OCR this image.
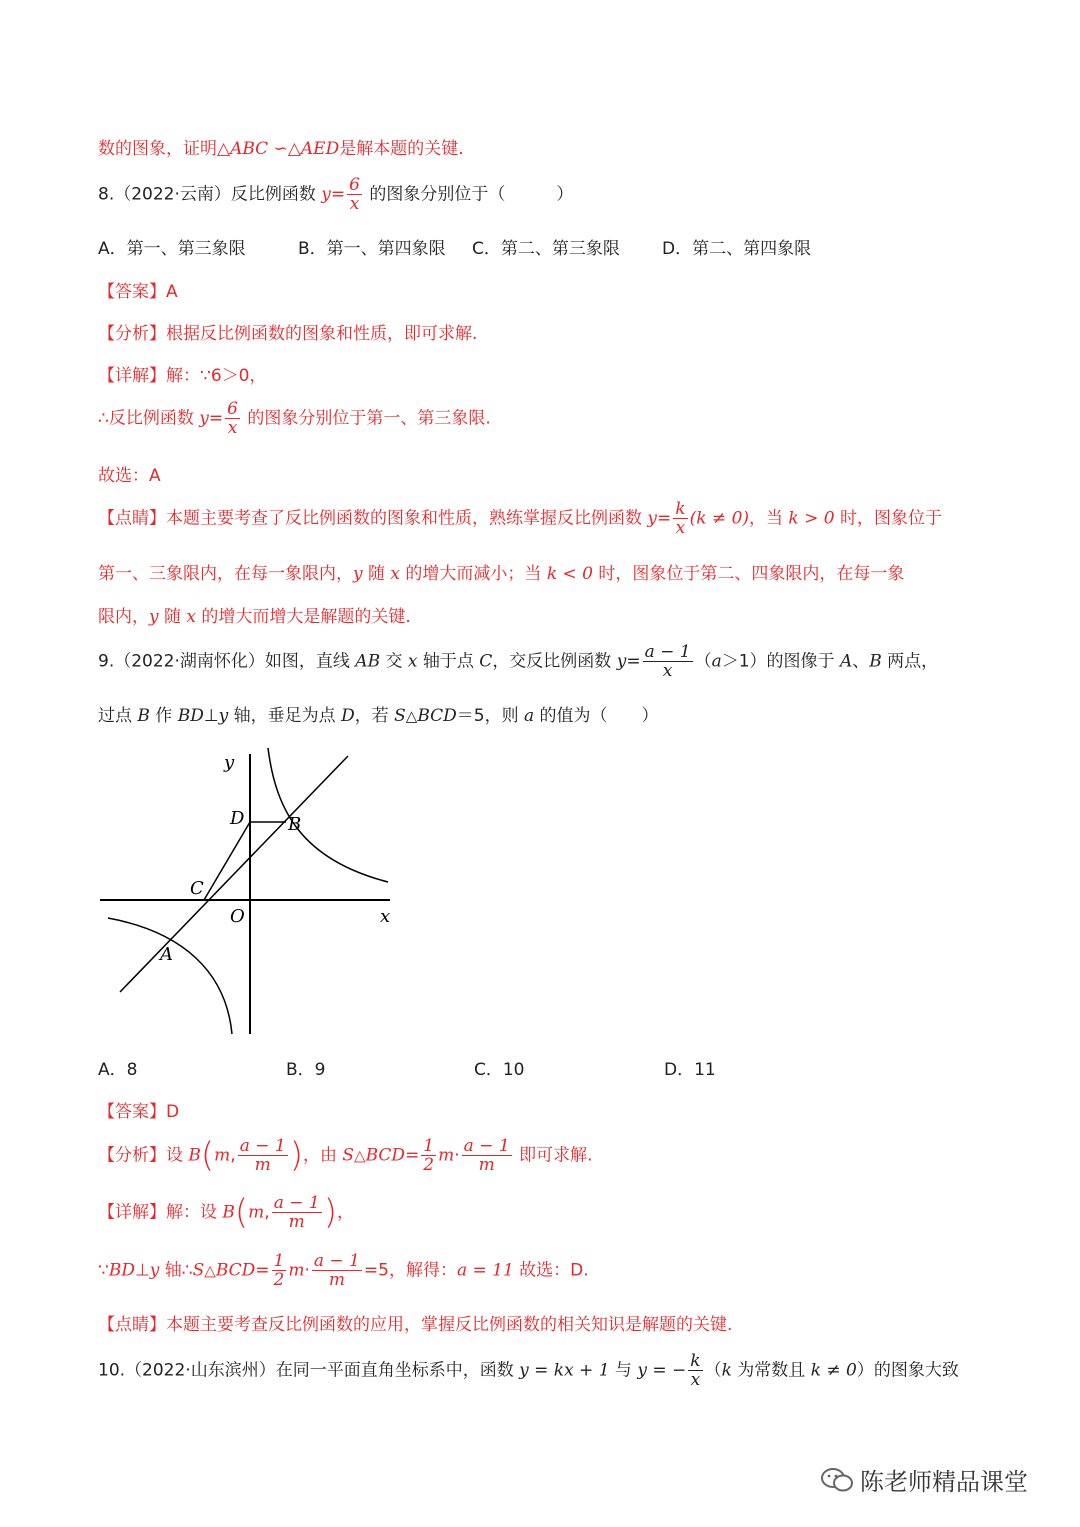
数的图象，证明△ABC ∽△AED是解本题的关键.
8.（2022·云南）反比例函数 $y= \frac{6}{x}$ 的图象分别位于（　　　）
A．第一、第三象限	B．第一、第四象限 C．第二、第三象限 D．第二、第四象限
【答案】A
【分析】根据反比例函数的图象和性质，即可求解.
【详解】解：∵6＞0，
∴反比例函数 $y= \frac{6}{x}$ 的图象分别位于第一、第三象限.
故选：A
【点睛】本题主要考查了反比例函数的图象和性质，熟练掌握反比例函数 $y= \frac{k}{x} (k \ne 0)$，当 k > 0 时，图象位于
第一、三象限内，在每一象限内，y 随 x 的增大而减小；当 k < 0 时，图象位于第二、四象限内，在每一象
限内，y 随 x 的增大而增大是解题的关键.
9.（2022·湖南怀化）如图，直线 AB 交 x 轴于点 C，交反比例函数 $y= \frac{a - 1}{x} (a>1)$的图像于 A、B 两点，
过点 B 作 BD⊥y 轴，垂足为点 D，若 S△BCD＝5，则 a 的值为（　　）
y
x
D B
C
O
A
A．8	B．9	C．10	D．11
【答案】D
【分析】设 B(m, $\frac{a - 1}{m}$ )，由 S△BCD= $\frac{1}{2} m\cdot \frac{a - 1}{m}$ 即可求解.
【详解】解：设 B(m, $\frac{a - 1}{m}$ )，
∵BD⊥y 轴∴S△BCD= $\frac{1}{2} m\cdot \frac{a - 1}{m} =5$，解得：a = 11 故选：D.
【点睛】本题主要考查反比例函数的应用，掌握反比例函数的相关知识是解题的关键.
10.（2022·山东滨州）在同一平面直角坐标系中，函数 y = kx + 1 与 y = − $\frac{k}{x} (k$ 为常数且 k ≠ 0）的图象大致
陈老师精品课堂
